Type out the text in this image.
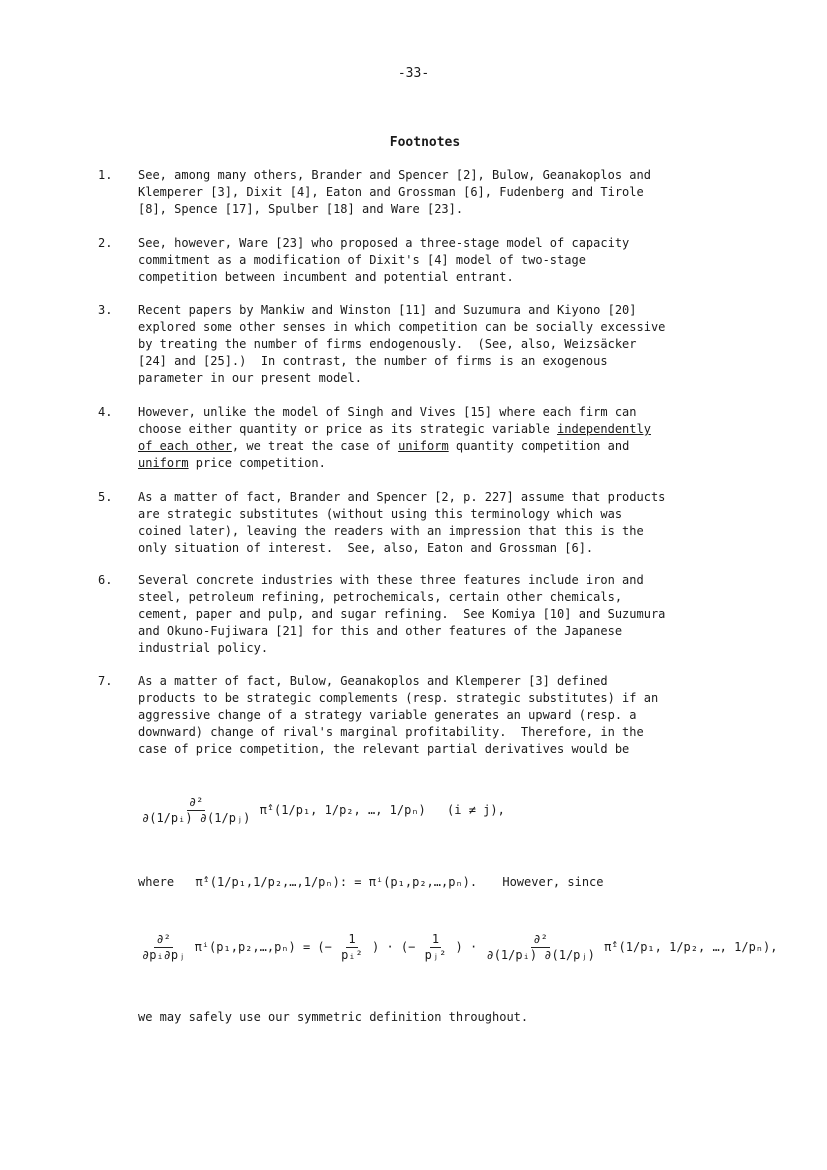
-33-
Footnotes
1. See, among many others, Brander and Spencer [2], Bulow, Geanakoplos and
Klemperer [3], Dixit [4], Eaton and Grossman [6], Fudenberg and Tirole
[8], Spence [17], Spulber [18] and Ware [23].
2. See, however, Ware [23] who proposed a three-stage model of capacity
commitment as a modification of Dixit's [4] model of two-stage
competition between incumbent and potential entrant.
3. Recent papers by Mankiw and Winston [11] and Suzumura and Kiyono [20]
explored some other senses in which competition can be socially excessive
by treating the number of firms endogenously.  (See, also, Weizsäcker
[24] and [25].)  In contrast, the number of firms is an exogenous
parameter in our present model.
4. However, unlike the model of Singh and Vives [15] where each firm can
choose either quantity or price as its strategic variable independently
of each other, we treat the case of uniform quantity competition and
uniform price competition.
5. As a matter of fact, Brander and Spencer [2, p. 227] assume that products
are strategic substitutes (without using this terminology which was
coined later), leaving the readers with an impression that this is the
only situation of interest.  See, also, Eaton and Grossman [6].
6. Several concrete industries with these three features include iron and
steel, petroleum refining, petrochemicals, certain other chemicals,
cement, paper and pulp, and sugar refining.  See Komiya [10] and Suzumura
and Okuno-Fujiwara [21] for this and other features of the Japanese
industrial policy.
7. As a matter of fact, Bulow, Geanakoplos and Klemperer [3] defined
products to be strategic complements (resp. strategic substitutes) if an
aggressive change of a strategy variable generates an upward (resp. a
downward) change of rival's marginal profitability.  Therefore, in the
case of price competition, the relevant partial derivatives would be
$\frac{\text{∂²}}{\text{∂(1/pᵢ) ∂(1/pⱼ)}}$ π̂ⁱ(1/p₁, 1/p₂, …, 1/pₙ) (i ≠ j),
where π̂ⁱ(1/p₁,1/p₂,…,1/pₙ): = πⁱ(p₁,p₂,…,pₙ). However, since
$\frac{\text{∂²}}{\text{∂pᵢ∂pⱼ}}$ πⁱ(p₁,p₂,…,pₙ) = (− $\frac{1}{\text{pᵢ²}}$ ) · (− $\frac{1}{\text{pⱼ²}}$ ) · $\frac{\text{∂²}}{\text{∂(1/pᵢ) ∂(1/pⱼ)}}$ π̂ⁱ(1/p₁, 1/p₂, …, 1/pₙ),
we may safely use our symmetric definition throughout.
